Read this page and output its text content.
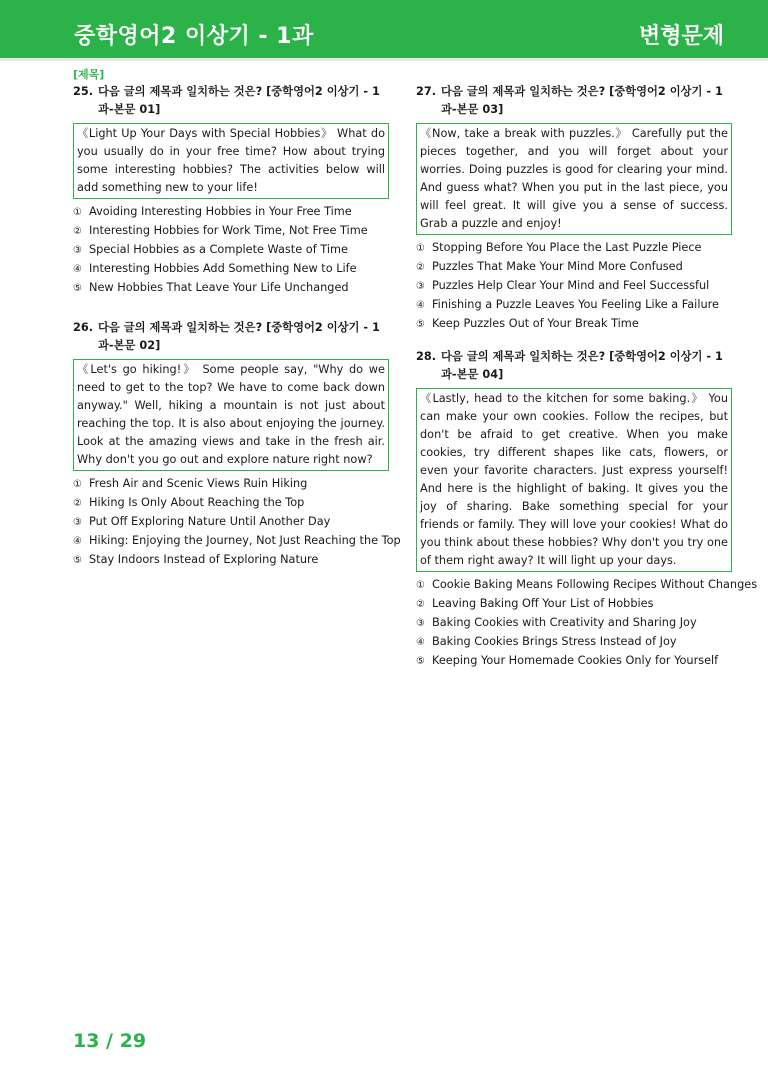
중학영어2 이상기 - 1과	변형문제
[제목]
25. 다음 글의 제목과 일치하는 것은? [중학영어2 이상기 - 1과-본문 01]
《Light Up Your Days with Special Hobbies》 What do you usually do in your free time? How about trying some interesting hobbies? The activities below will add something new to your life!
① Avoiding Interesting Hobbies in Your Free Time
② Interesting Hobbies for Work Time, Not Free Time
③ Special Hobbies as a Complete Waste of Time
④ Interesting Hobbies Add Something New to Life
⑤ New Hobbies That Leave Your Life Unchanged
26. 다음 글의 제목과 일치하는 것은? [중학영어2 이상기 - 1과-본문 02]
《Let's go hiking!》 Some people say, "Why do we need to get to the top? We have to come back down anyway." Well, hiking a mountain is not just about reaching the top. It is also about enjoying the journey. Look at the amazing views and take in the fresh air. Why don't you go out and explore nature right now?
① Fresh Air and Scenic Views Ruin Hiking
② Hiking Is Only About Reaching the Top
③ Put Off Exploring Nature Until Another Day
④ Hiking: Enjoying the Journey, Not Just Reaching the Top
⑤ Stay Indoors Instead of Exploring Nature
27. 다음 글의 제목과 일치하는 것은? [중학영어2 이상기 - 1과-본문 03]
《Now, take a break with puzzles.》 Carefully put the pieces together, and you will forget about your worries. Doing puzzles is good for clearing your mind. And guess what? When you put in the last piece, you will feel great. It will give you a sense of success. Grab a puzzle and enjoy!
① Stopping Before You Place the Last Puzzle Piece
② Puzzles That Make Your Mind More Confused
③ Puzzles Help Clear Your Mind and Feel Successful
④ Finishing a Puzzle Leaves You Feeling Like a Failure
⑤ Keep Puzzles Out of Your Break Time
28. 다음 글의 제목과 일치하는 것은? [중학영어2 이상기 - 1과-본문 04]
《Lastly, head to the kitchen for some baking.》 You can make your own cookies. Follow the recipes, but don't be afraid to get creative. When you make cookies, try different shapes like cats, flowers, or even your favorite characters. Just express yourself! And here is the highlight of baking. It gives you the joy of sharing. Bake something special for your friends or family. They will love your cookies! What do you think about these hobbies? Why don't you try one of them right away? It will light up your days.
① Cookie Baking Means Following Recipes Without Changes
② Leaving Baking Off Your List of Hobbies
③ Baking Cookies with Creativity and Sharing Joy
④ Baking Cookies Brings Stress Instead of Joy
⑤ Keeping Your Homemade Cookies Only for Yourself
13 / 29
